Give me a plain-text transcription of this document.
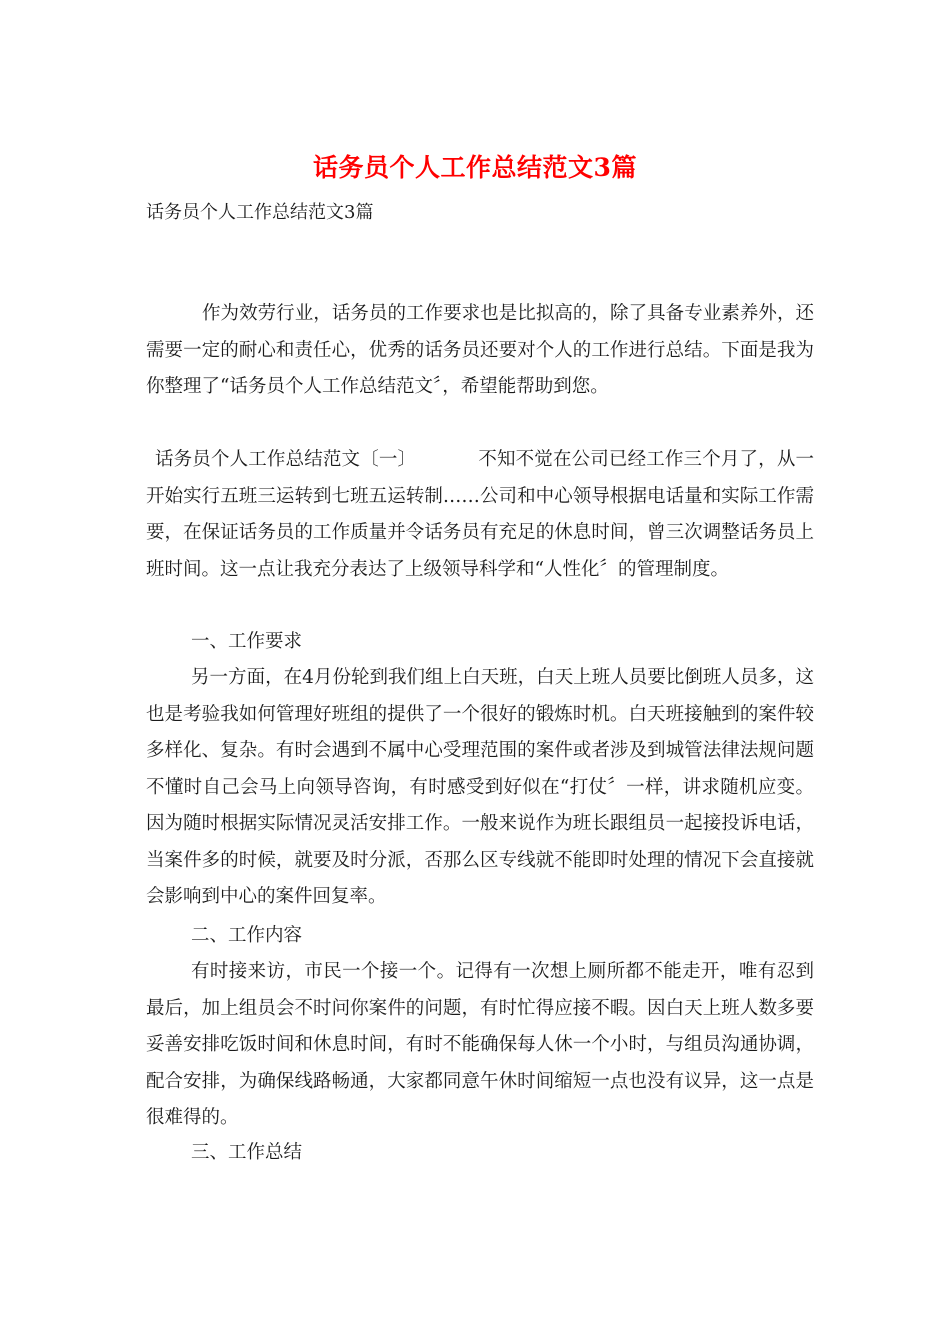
话务员个人工作总结范文3篇
话务员个人工作总结范文3篇
作为效劳行业，话务员的工作要求也是比拟高的，除了具备专业素养外，还需要一定的耐心和责任心，优秀的话务员还要对个人的工作进行总结。下面是我为你整理了“话务员个人工作总结范文〞，希望能帮助到您。
话务员个人工作总结范文〔一〕	不知不觉在公司已经工作三个月了，从一开始实行五班三运转到七班五运转制……公司和中心领导根据电话量和实际工作需要，在保证话务员的工作质量并令话务员有充足的休息时间，曾三次调整话务员上班时间。这一点让我充分表达了上级领导科学和“人性化〞的管理制度。
一、工作要求
另一方面，在4月份轮到我们组上白天班，白天上班人员要比倒班人员多，这也是考验我如何管理好班组的提供了一个很好的锻炼时机。白天班接触到的案件较多样化、复杂。有时会遇到不属中心受理范围的案件或者涉及到城管法律法规问题不懂时自己会马上向领导咨询，有时感受到好似在“打仗〞一样，讲求随机应变。因为随时根据实际情况灵活安排工作。一般来说作为班长跟组员一起接投诉电话，当案件多的时候，就要及时分派，否那么区专线就不能即时处理的情况下会直接就会影响到中心的案件回复率。
二、工作内容
有时接来访，市民一个接一个。记得有一次想上厕所都不能走开，唯有忍到最后，加上组员会不时问你案件的问题，有时忙得应接不暇。因白天上班人数多要妥善安排吃饭时间和休息时间，有时不能确保每人休一个小时，与组员沟通协调，配合安排，为确保线路畅通，大家都同意午休时间缩短一点也没有议异，这一点是很难得的。
三、工作总结
